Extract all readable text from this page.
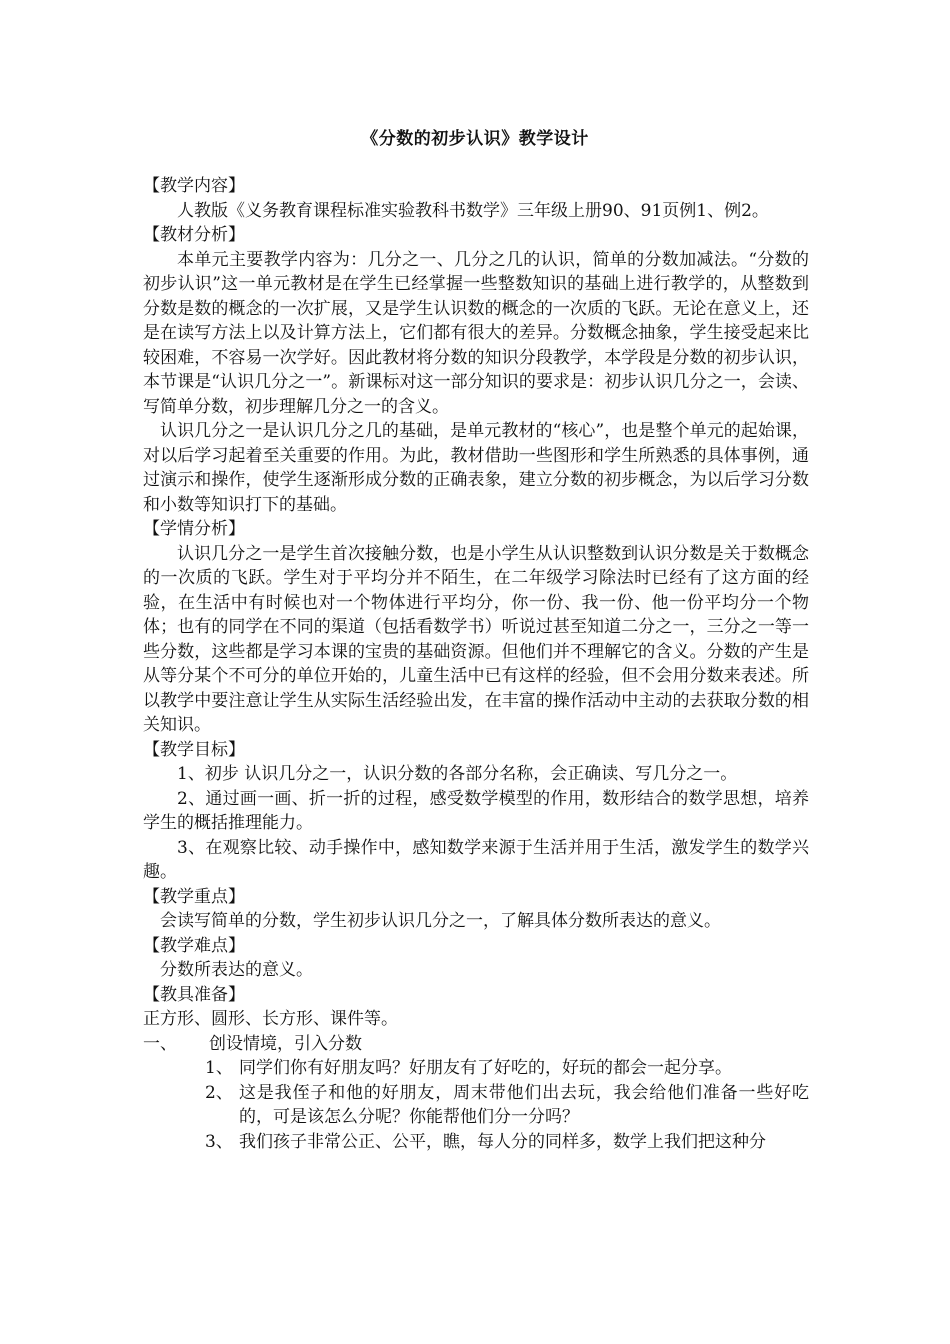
《分数的初步认识》教学设计

【教学内容】

人教版《义务教育课程标准实验教科书数学》三年级上册90、91页例1、例2。

【教材分析】

本单元主要教学内容为：几分之一、几分之几的认识，简单的分数加减法。“分数的初步认识”这一单元教材是在学生已经掌握一些整数知识的基础上进行教学的，从整数到分数是数的概念的一次扩展，又是学生认识数的概念的一次质的飞跃。无论在意义上，还是在读写方法上以及计算方法上，它们都有很大的差异。分数概念抽象，学生接受起来比较困难，不容易一次学好。因此教材将分数的知识分段教学，本学段是分数的初步认识，本节课是“认识几分之一”。新课标对这一部分知识的要求是：初步认识几分之一，会读、写简单分数，初步理解几分之一的含义。

认识几分之一是认识几分之几的基础，是单元教材的“核心”，也是整个单元的起始课，对以后学习起着至关重要的作用。为此，教材借助一些图形和学生所熟悉的具体事例，通过演示和操作，使学生逐渐形成分数的正确表象，建立分数的初步概念，为以后学习分数和小数等知识打下的基础。

【学情分析】

认识几分之一是学生首次接触分数，也是小学生从认识整数到认识分数是关于数概念的一次质的飞跃。学生对于平均分并不陌生，在二年级学习除法时已经有了这方面的经验，在生活中有时候也对一个物体进行平均分，你一份、我一份、他一份平均分一个物体；也有的同学在不同的渠道（包括看数学书）听说过甚至知道二分之一，三分之一等一些分数，这些都是学习本课的宝贵的基础资源。但他们并不理解它的含义。分数的产生是从等分某个不可分的单位开始的，儿童生活中已有这样的经验，但不会用分数来表述。所以教学中要注意让学生从实际生活经验出发，在丰富的操作活动中主动的去获取分数的相关知识。

【教学目标】

1、初步 认识几分之一，认识分数的各部分名称，会正确读、写几分之一。

2、通过画一画、折一折的过程，感受数学模型的作用，数形结合的数学思想，培养学生的概括推理能力。

3、在观察比较、动手操作中，感知数学来源于生活并用于生活，激发学生的数学兴趣。

【教学重点】

会读写简单的分数，学生初步认识几分之一，了解具体分数所表达的意义。

【教学难点】

分数所表达的意义。

【教具准备】

正方形、圆形、长方形、课件等。

一、	创设情境，引入分数
1、 同学们你有好朋友吗？好朋友有了好吃的，好玩的都会一起分享。
2、 这是我侄子和他的好朋友，周末带他们出去玩，我会给他们准备一些好吃的，可是该怎么分呢？你能帮他们分一分吗？
3、 我们孩子非常公正、公平，瞧，每人分的同样多，数学上我们把这种分
